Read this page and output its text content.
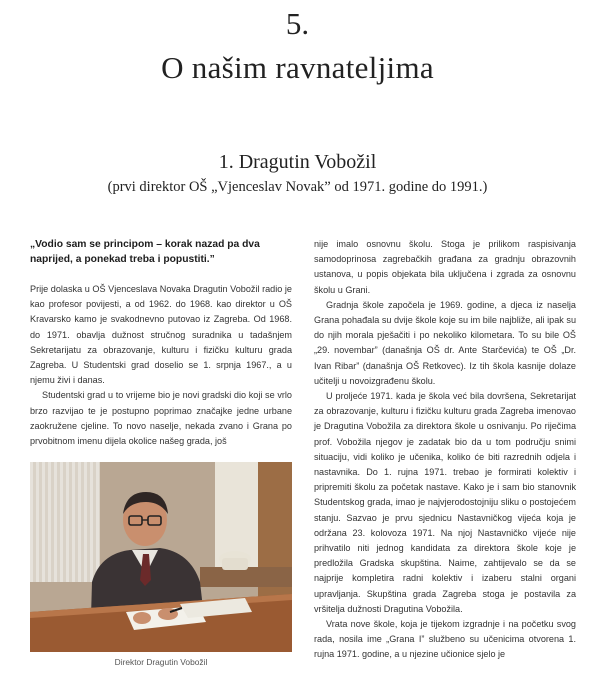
5.
O našim ravnateljima
1. Dragutin Vobožil
(prvi direktor OŠ „Vjenceslav Novak” od 1971. godine do 1991.)

„Vodio sam se principom – korak nazad pa dva naprijed, a ponekad treba i popustiti.”

Prije dolaska u OŠ Vjenceslava Novaka Dragutin Vobožil radio je kao profesor povijesti, a od 1962. do 1968. kao direktor u OŠ Kravarsko kamo je svakodnevno putovao iz Zagreba. Od 1968. do 1971. obavlja dužnost stručnog suradnika u tadašnjem Sekretarijatu za obrazovanje, kulturu i fizičku kulturu grada Zagreba. U Studentski grad doselio se 1. srpnja 1967., a u njemu živi i danas.

Studentski grad u to vrijeme bio je novi gradski dio koji se vrlo brzo razvijao te je postupno poprimao značajke jedne urbane zaokružene cjeline. To novo naselje, nekada zvano i Grana po prvobitnom imenu dijela okolice našeg grada, još

Direktor Dragutin Vobožil

nije imalo osnovnu školu. Stoga je prilikom raspisivanja samodoprinosa zagrebačkih građana za gradnju obrazovnih ustanova, u popis objekata bila uključena i zgrada za osnovnu školu u Grani.

Gradnja škole započela je 1969. godine, a djeca iz naselja Grana pohađala su dvije škole koje su im bile najbliže, ali ipak su do njih morala pješačiti i po nekoliko kilometara. To su bile OŠ „29. novembar” (današnja OŠ dr. Ante Starčevića) te OŠ „Dr. Ivan Ribar” (današnja OŠ Retkovec). Iz tih škola kasnije dolaze učitelji u novoizgrađenu školu.

U proljeće 1971. kada je škola već bila dovršena, Sekretarijat za obrazovanje, kulturu i fizičku kulturu grada Zagreba imenovao je Dragutina Vobožila za direktora škole u osnivanju. Po riječima prof. Vobožila njegov je zadatak bio da u tom području snimi situaciju, vidi koliko je učenika, koliko će biti razrednih odjela i nastavnika. Do 1. rujna 1971. trebao je formirati kolektiv i pripremiti školu za početak nastave. Kako je i sam bio stanovnik Studentskog grada, imao je najvjerodostojniju sliku o postojećem stanju. Sazvao je prvu sjednicu Nastavničkog vijeća koja je održana 23. kolovoza 1971. Na njoj Nastavničko vijeće nije prihvatilo niti jednog kandidata za direktora škole koje je predložila Gradska skupština. Naime, zahtijevalo se da se najprije kompletira radni kolektiv i izaberu stalni organi upravljanja. Skupština grada Zagreba stoga je postavila za vršitelja dužnosti Dragutina Vobožila.

Vrata nove škole, koja je tijekom izgradnje i na početku svog rada, nosila ime „Grana I” službeno su učenicima otvorena 1. rujna 1971. godine, a u njezine učionice sjelo je
